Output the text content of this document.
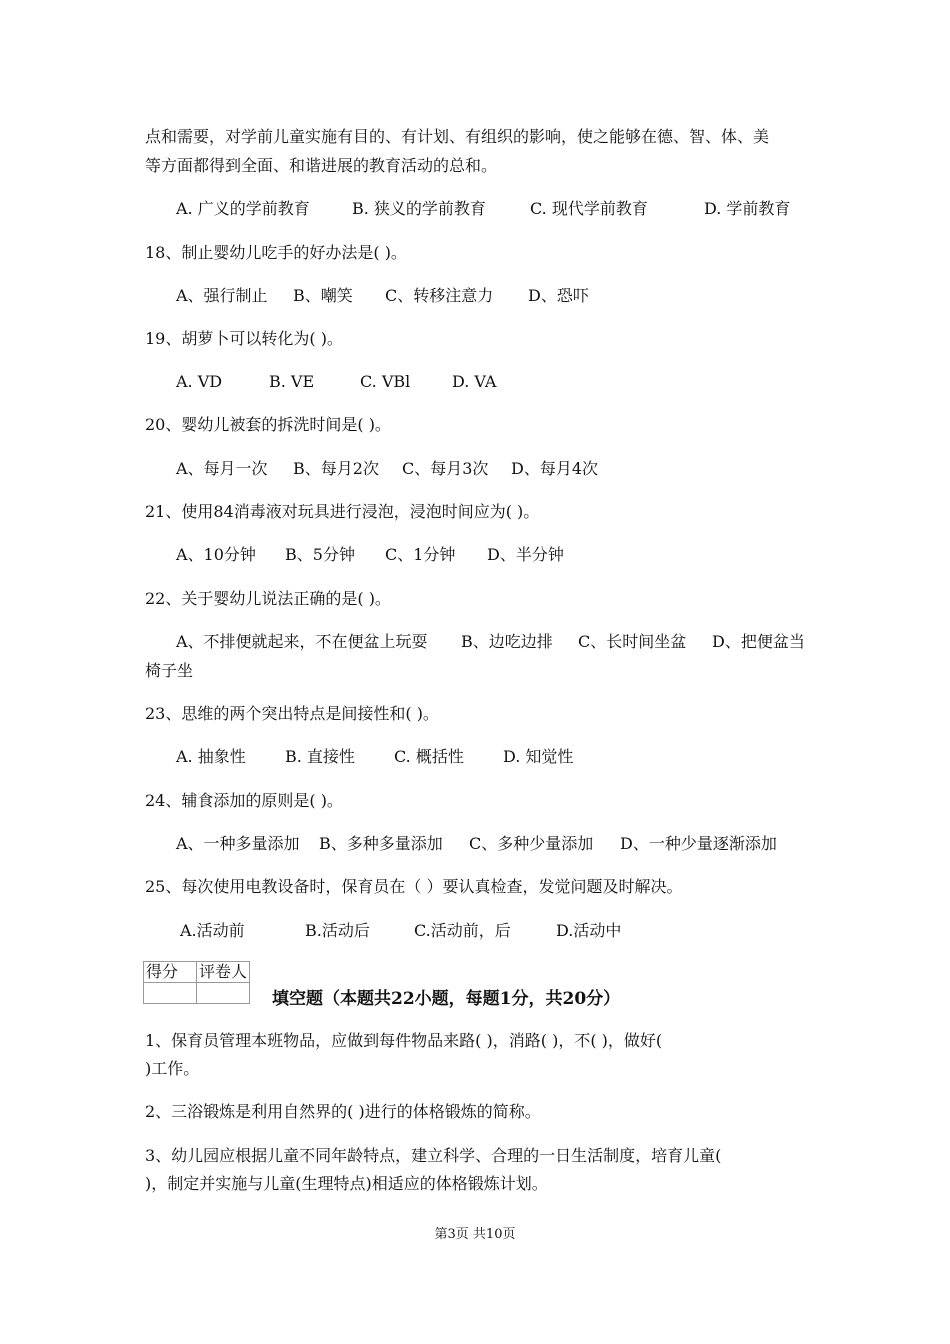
点和需要，对学前儿童实施有目的、有计划、有组织的影响，使之能够在德、智、体、美
等方面都得到全面、和谐进展的教育活动的总和。
A. 广义的学前教育	B. 狭义的学前教育	C. 现代学前教育	D. 学前教育
18、制止婴幼儿吃手的好办法是( )。
A、强行制止 B、嘲笑 C、转移注意力 D、恐吓
19、胡萝卜可以转化为( )。
A. VD	B. VE	C. VBl	D. VA
20、婴幼儿被套的拆洗时间是( )。
A、每月一次 B、每月2次 C、每月3次 D、每月4次
21、使用84消毒液对玩具进行浸泡，浸泡时间应为( )。
A、10分钟 B、5分钟 C、1分钟 D、半分钟
22、关于婴幼儿说法正确的是( )。
A、不排便就起来，不在便盆上玩耍 B、边吃边排 C、长时间坐盆 D、把便盆当
椅子坐
23、思维的两个突出特点是间接性和( )。
A. 抽象性 B. 直接性 C. 概括性 D. 知觉性
24、辅食添加的原则是( )。
A、一种多量添加 B、多种多量添加 C、多种少量添加 D、一种少量逐渐添加
25、每次使用电教设备时，保育员在（ ）要认真检查，发觉问题及时解决。
A.活动前	B.活动后	C.活动前，后	D.活动中
得分	评卷人

填空题（本题共22小题，每题1分，共20分）
1、保育员管理本班物品，应做到每件物品来路( )，消路( )，不( )，做好(
)工作。
2、三浴锻炼是利用自然界的( )进行的体格锻炼的简称。
3、幼儿园应根据儿童不同年龄特点，建立科学、合理的一日生活制度，培育儿童(
)，制定并实施与儿童(生理特点)相适应的体格锻炼计划。
第3页 共10页
